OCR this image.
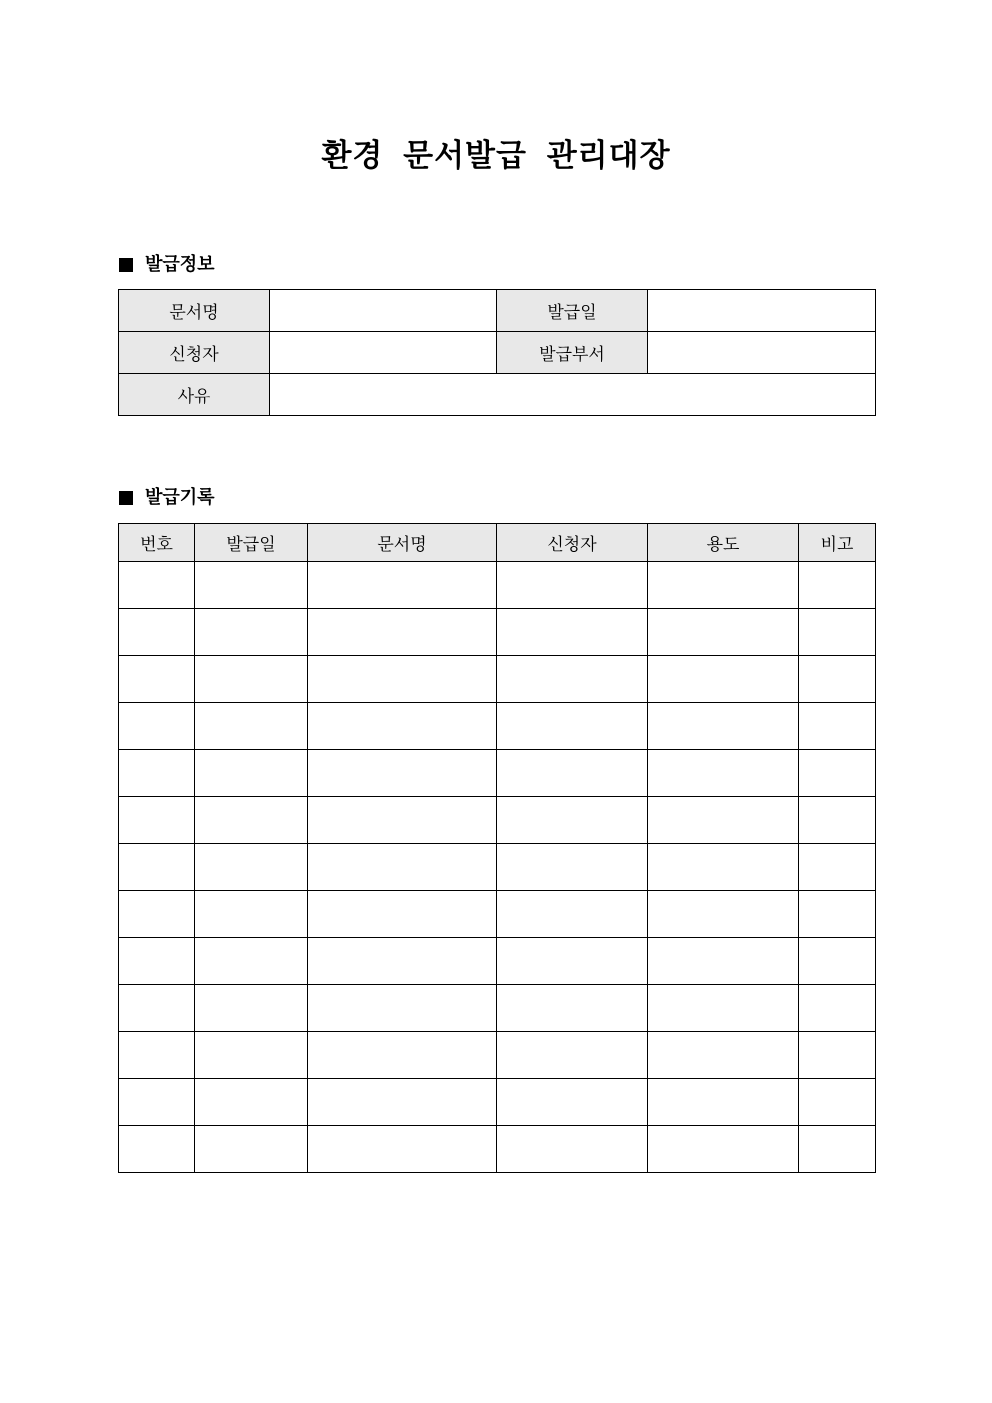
환경 문서발급 관리대장
발급정보
문서명		발급일	
신청자		발급부서	
사유			
발급기록
번호	발급일	문서명	신청자	용도	비고
